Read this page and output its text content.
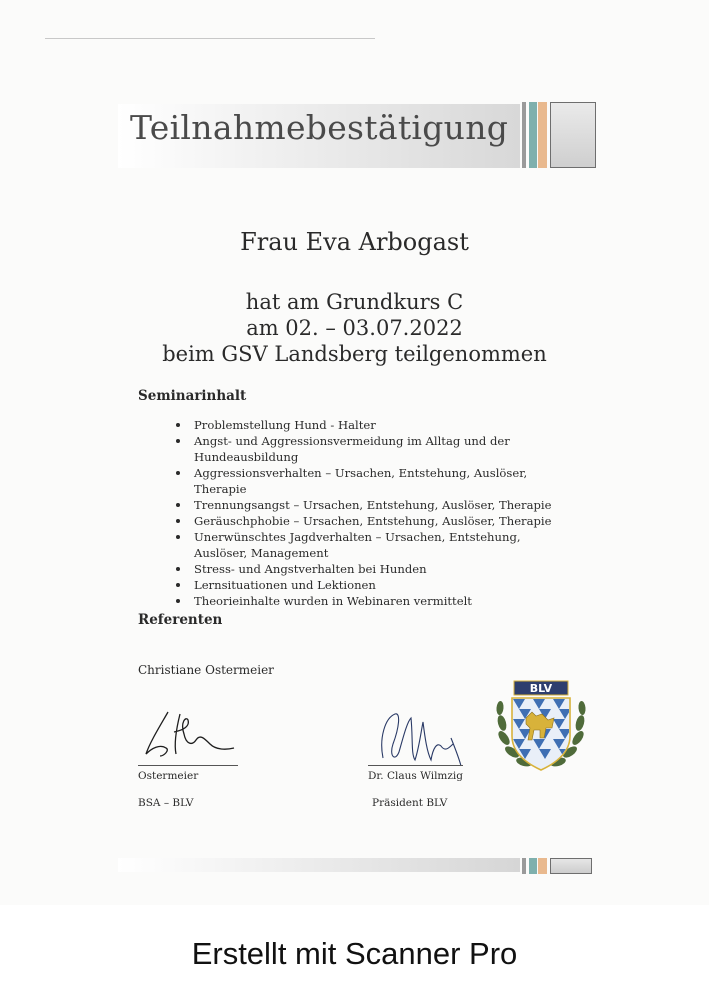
Teilnahmebestätigung
Frau Eva Arbogast
hat am Grundkurs C
am 02. – 03.07.2022
beim GSV Landsberg teilgenommen
Seminarinhalt
Problemstellung Hund - Halter
Angst- und Aggressionsvermeidung im Alltag und der Hundeausbildung
Aggressionsverhalten – Ursachen, Entstehung, Auslöser, Therapie
Trennungsangst – Ursachen, Entstehung, Auslöser, Therapie
Geräuschphobie – Ursachen, Entstehung, Auslöser, Therapie
Unerwünschtes Jagdverhalten – Ursachen, Entstehung, Auslöser, Management
Stress- und Angstverhalten bei Hunden
Lernsituationen und Lektionen
Theorieinhalte wurden in Webinaren vermittelt
Referenten
Christiane Ostermeier
Ostermeier
BSA – BLV
Dr. Claus Wilmzig
Präsident BLV
BLV
Erstellt mit Scanner Pro
